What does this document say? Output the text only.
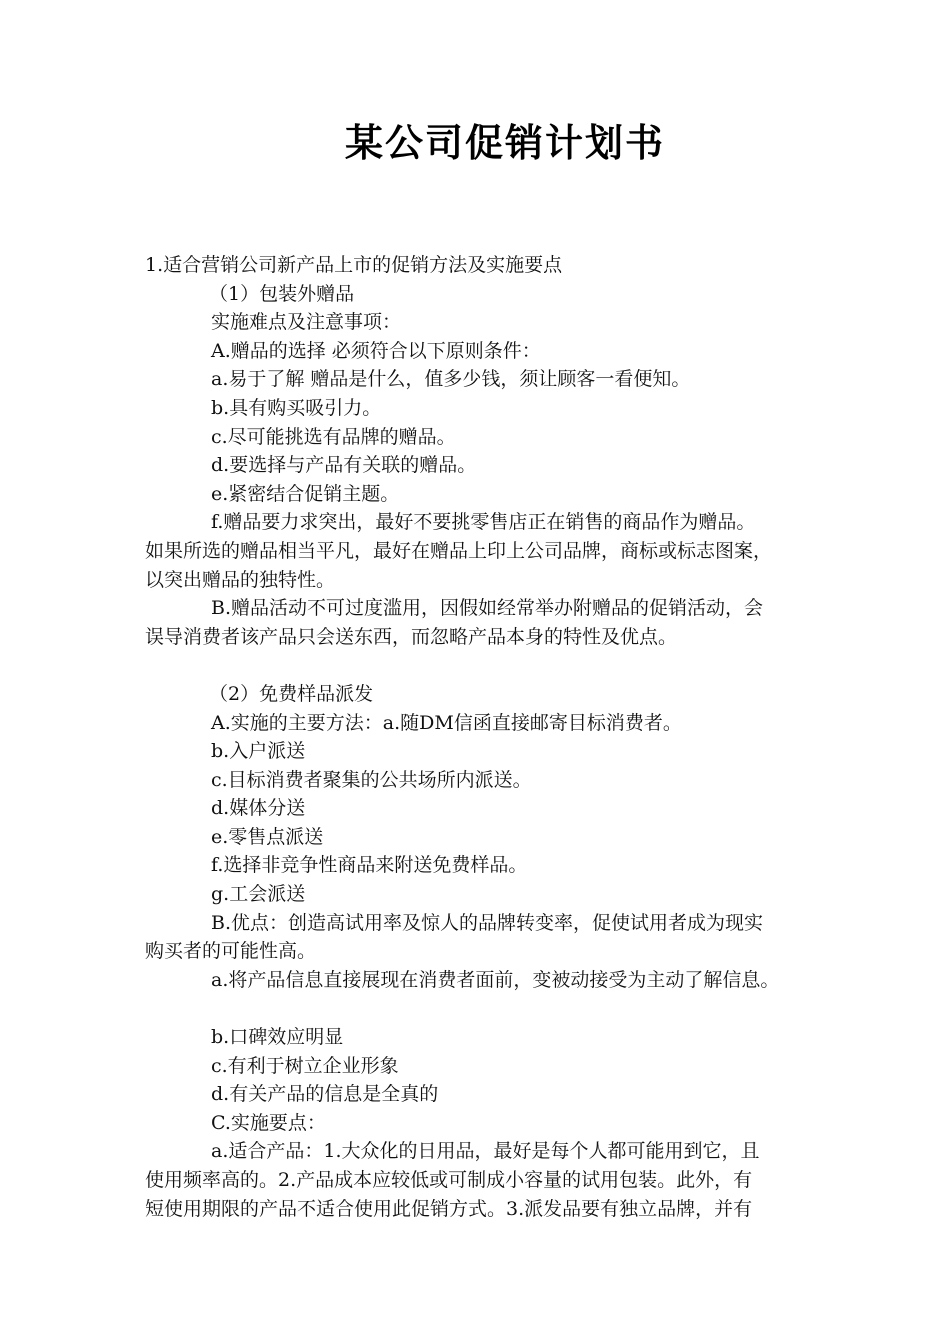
某公司促销计划书
1.适合营销公司新产品上市的促销方法及实施要点
（1）包装外赠品
实施难点及注意事项：
A.赠品的选择 必须符合以下原则条件：
a.易于了解 赠品是什么，值多少钱，须让顾客一看便知。
b.具有购买吸引力。
c.尽可能挑选有品牌的赠品。
d.要选择与产品有关联的赠品。
e.紧密结合促销主题。
f.赠品要力求突出，最好不要挑零售店正在销售的商品作为赠品。
如果所选的赠品相当平凡，最好在赠品上印上公司品牌，商标或标志图案，
以突出赠品的独特性。
B.赠品活动不可过度滥用，因假如经常举办附赠品的促销活动，会
误导消费者该产品只会送东西，而忽略产品本身的特性及优点。
（2）免费样品派发
A.实施的主要方法：a.随DM信函直接邮寄目标消费者。
b.入户派送
c.目标消费者聚集的公共场所内派送。
d.媒体分送
e.零售点派送
f.选择非竞争性商品来附送免费样品。
g.工会派送
B.优点：创造高试用率及惊人的品牌转变率，促使试用者成为现实
购买者的可能性高。
a.将产品信息直接展现在消费者面前，变被动接受为主动了解信息。
b.口碑效应明显
c.有利于树立企业形象
d.有关产品的信息是全真的
C.实施要点：
a.适合产品：1.大众化的日用品，最好是每个人都可能用到它，且
使用频率高的。2.产品成本应较低或可制成小容量的试用包装。此外，有
短使用期限的产品不适合使用此促销方式。3.派发品要有独立品牌，并有
